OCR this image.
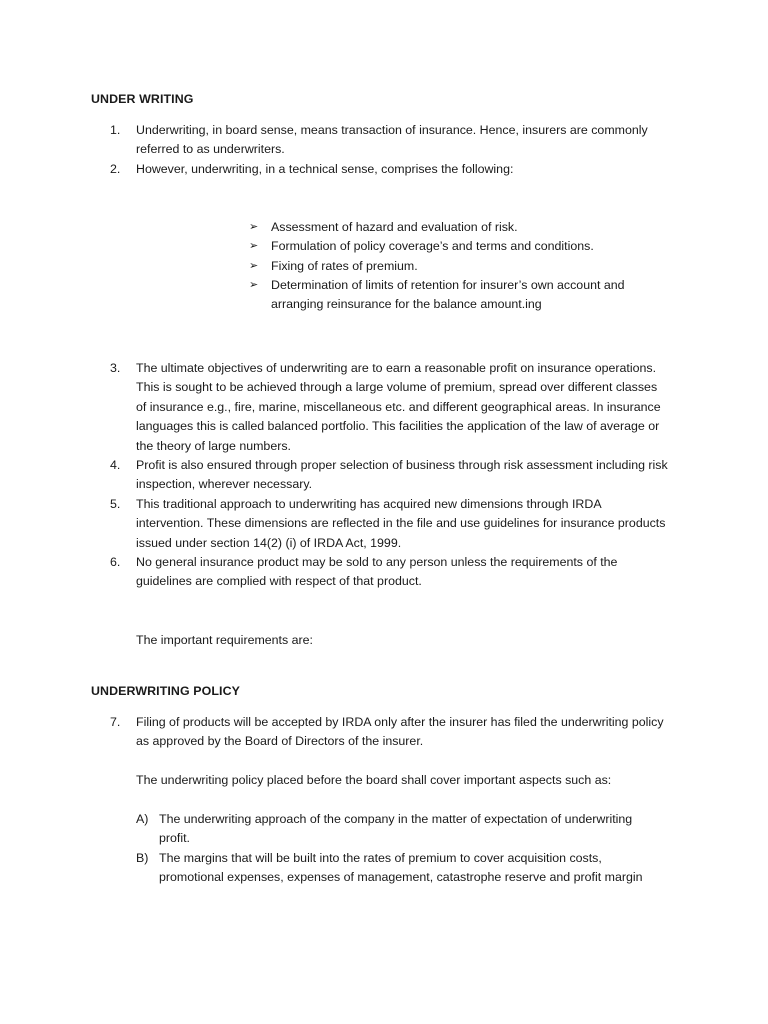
UNDER WRITING
1.	Underwriting, in board sense, means transaction of insurance. Hence, insurers are commonly referred to as underwriters.
2.	However, underwriting, in a technical sense, comprises the following:
➢	Assessment of hazard and evaluation of risk.
➢	Formulation of policy coverage’s and terms and conditions.
➢	Fixing of rates of premium.
➢	Determination of limits of retention for insurer’s own account and arranging reinsurance for the balance amount.ing
3.	The ultimate objectives of underwriting are to earn a reasonable profit on insurance operations. This is sought to be achieved through a large volume of premium, spread over different classes of insurance e.g., fire, marine, miscellaneous etc. and different geographical areas. In insurance languages this is called balanced portfolio. This facilities the application of the law of average or the theory of large numbers.
4.	Profit is also ensured through proper selection of business through risk assessment including risk inspection, wherever necessary.
5.	This traditional approach to underwriting has acquired new dimensions through IRDA intervention. These dimensions are reflected in the file and use guidelines for insurance products issued under section 14(2) (i) of IRDA Act, 1999.
6.	No general insurance product may be sold to any person unless the requirements of the guidelines are complied with respect of that product.
The important requirements are:
UNDERWRITING POLICY
7.	Filing of products will be accepted by IRDA only after the insurer has filed the underwriting policy as approved by the Board of Directors of the insurer.
The underwriting policy placed before the board shall cover important aspects such as:
A) The underwriting approach of the company in the matter of expectation of underwriting profit.
B) The margins that will be built into the rates of premium to cover acquisition costs, promotional expenses, expenses of management, catastrophe reserve and profit margin
